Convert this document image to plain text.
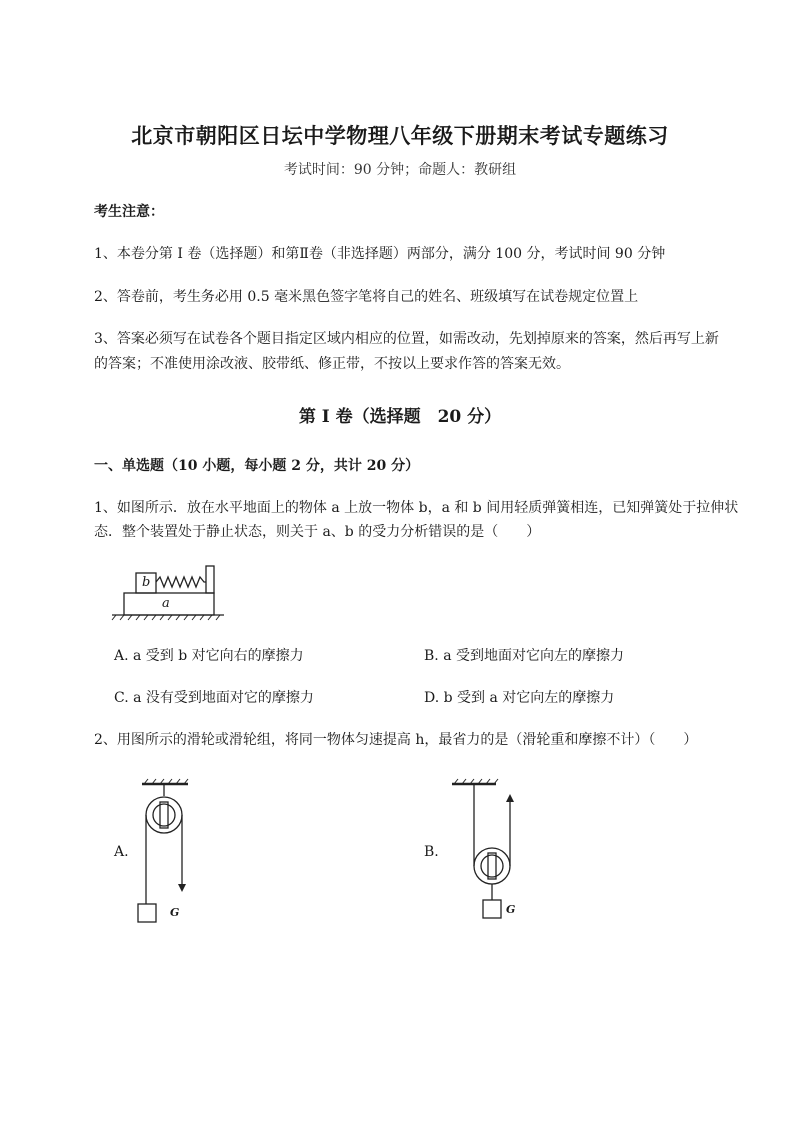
北京市朝阳区日坛中学物理八年级下册期末考试专题练习
考试时间：90 分钟；命题人：教研组
考生注意：
1、本卷分第 I 卷（选择题）和第Ⅱ卷（非选择题）两部分，满分 100 分，考试时间 90 分钟
2、答卷前，考生务必用 0.5 毫米黑色签字笔将自己的姓名、班级填写在试卷规定位置上
3、答案必须写在试卷各个题目指定区域内相应的位置，如需改动，先划掉原来的答案，然后再写上新
的答案；不准使用涂改液、胶带纸、修正带，不按以上要求作答的答案无效。
第 I 卷（选择题　20 分）
一、单选题（10 小题，每小题 2 分，共计 20 分）
1、如图所示．放在水平地面上的物体 a 上放一物体 b，a 和 b 间用轻质弹簧相连，已知弹簧处于拉伸状
态．整个装置处于静止状态，则关于 a、b 的受力分析错误的是（　　）
b
a
A. a 受到 b 对它向右的摩擦力	B. a 受到地面对它向左的摩擦力
C. a 没有受到地面对它的摩擦力	D. b 受到 a 对它向左的摩擦力
2、用图所示的滑轮或滑轮组，将同一物体匀速提高 h，最省力的是（滑轮重和摩擦不计）（　　）
A.
G
B.
G
